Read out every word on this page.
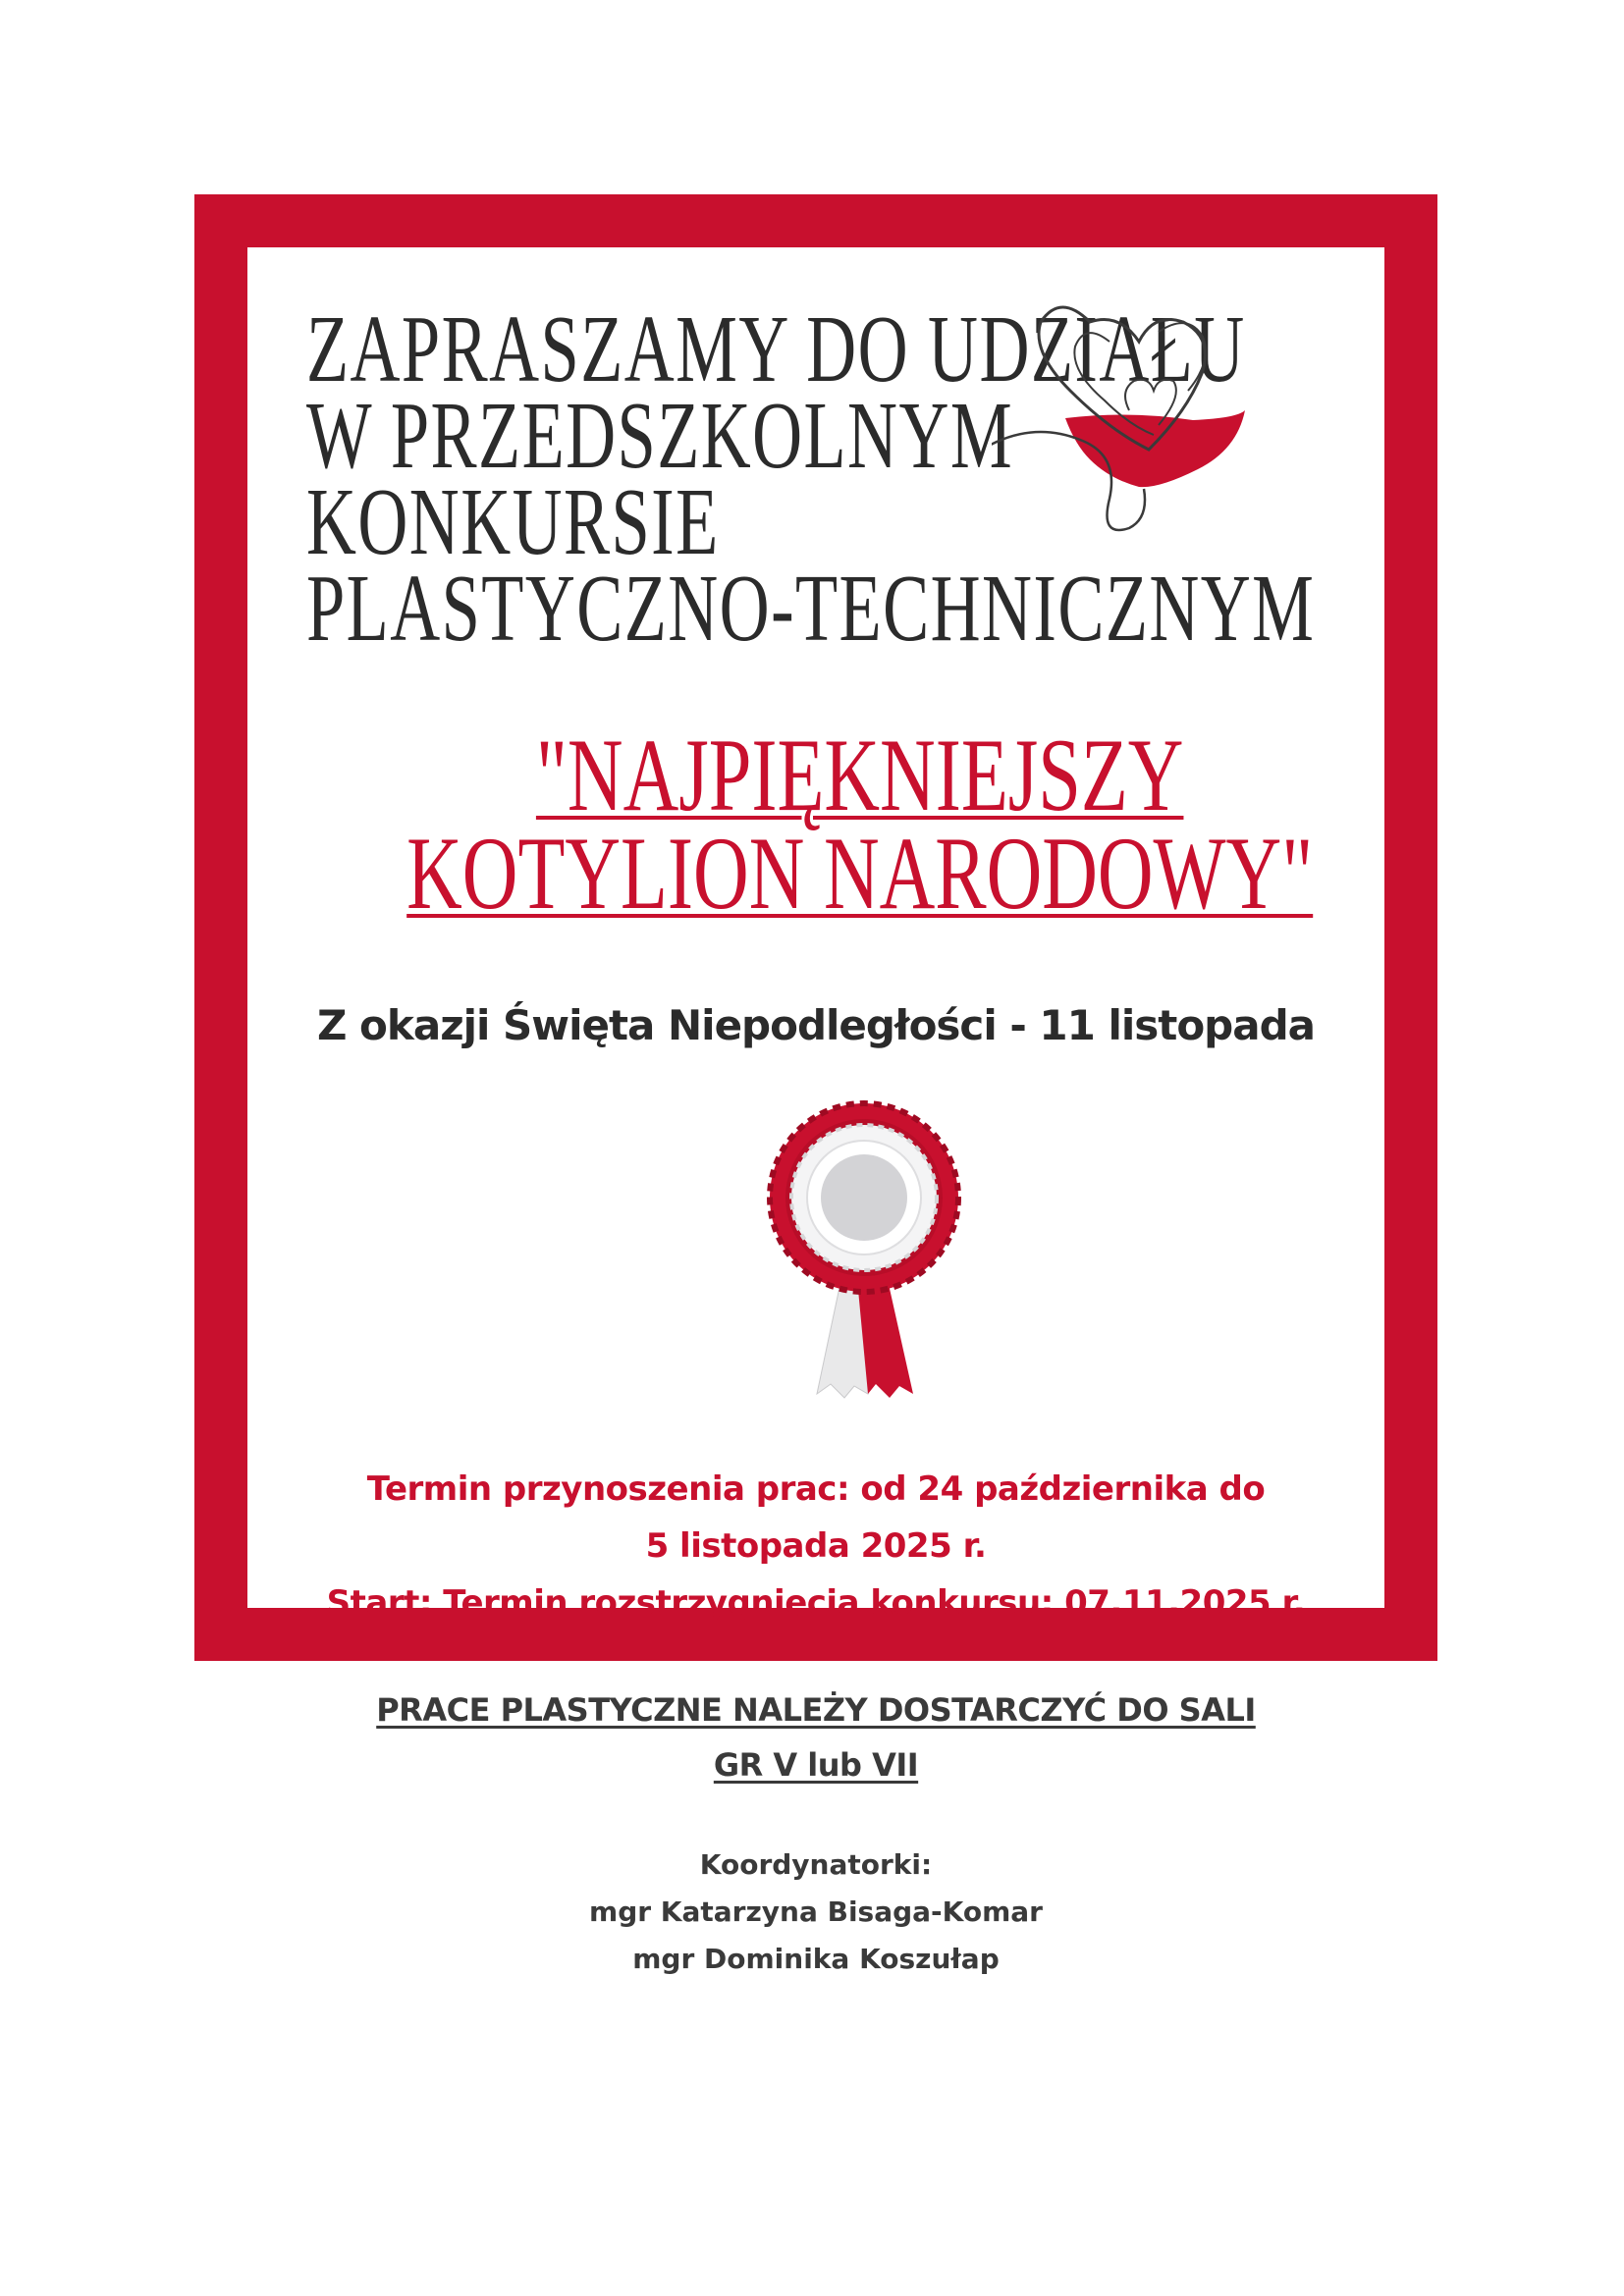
ZAPRASZAMY DO UDZIAŁU
W PRZEDSZKOLNYM
KONKURSIE
PLASTYCZNO-TECHNICZNYM
"NAJPIĘKNIEJSZY
KOTYLION NARODOWY"
Z okazji Święta Niepodległości - 11 listopada
Termin przynoszenia prac: od 24 października do
5 listopada 2025 r.
Start: Termin rozstrzygnięcia konkursu: 07.11.2025 r.
PRACE PLASTYCZNE NALEŻY DOSTARCZYĆ DO SALI
GR V lub VII
Koordynatorki:
mgr Katarzyna Bisaga-Komar
mgr Dominika Koszułap
